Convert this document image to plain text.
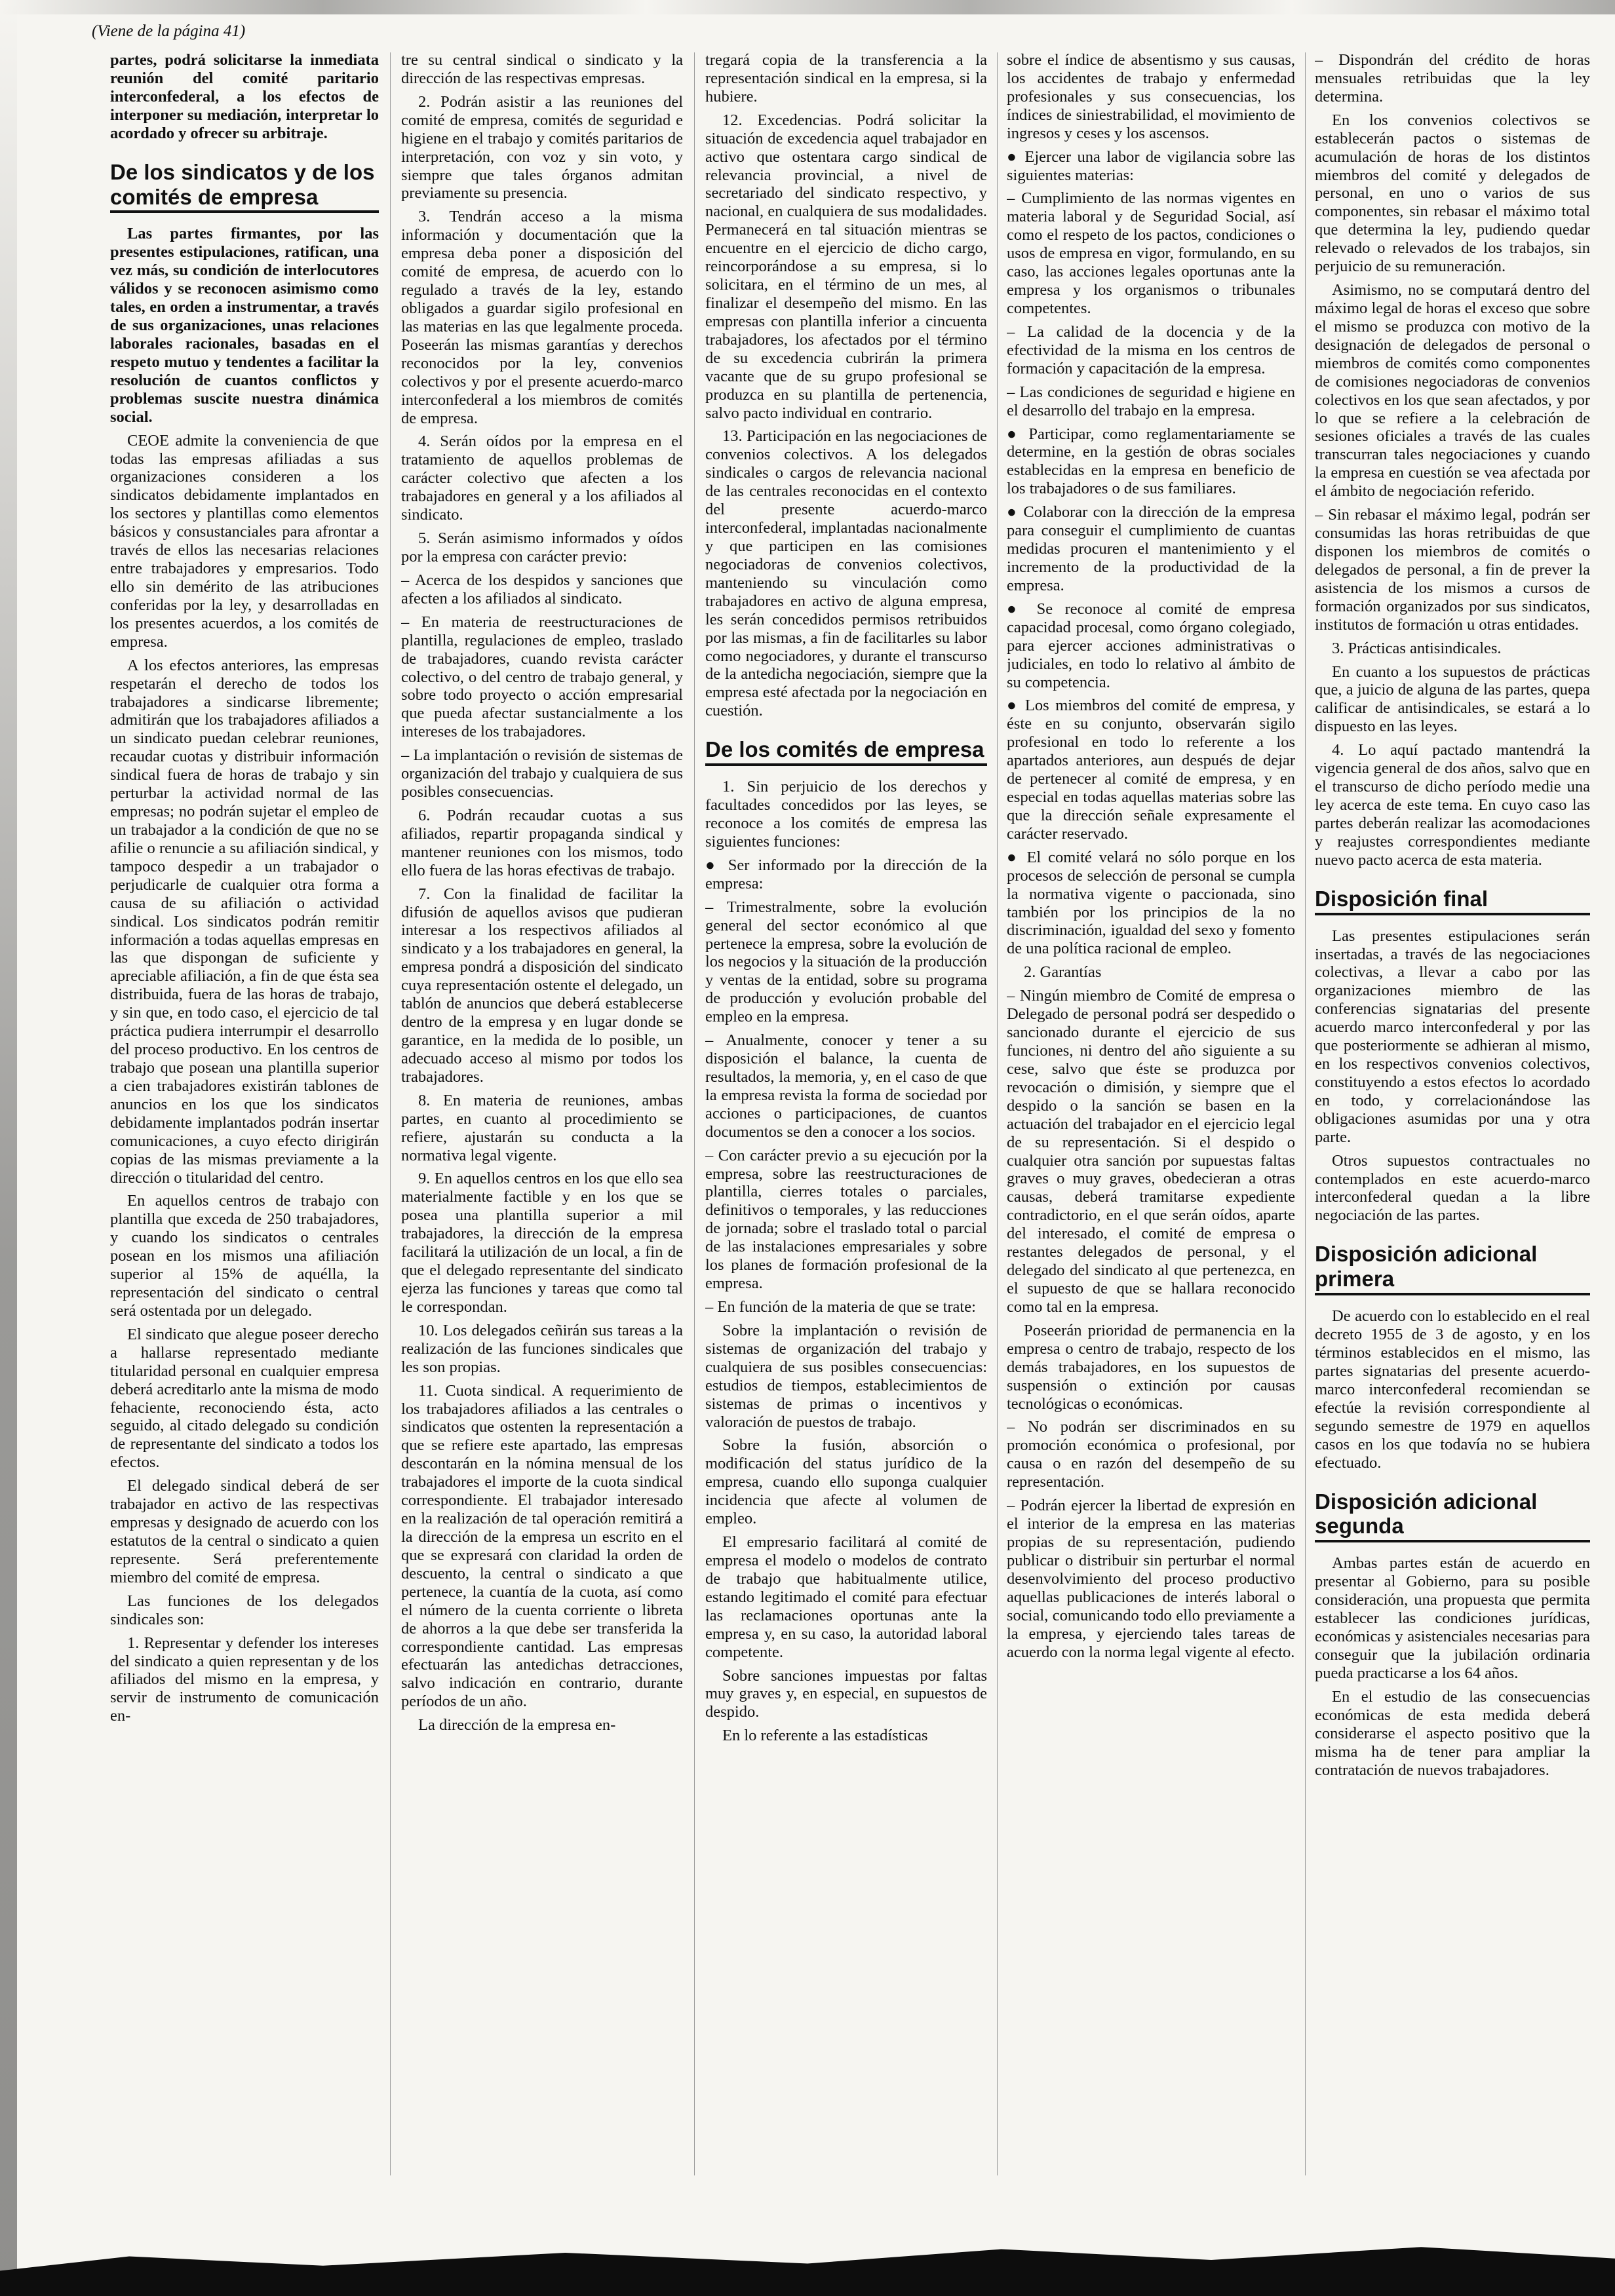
(Viene de la página 41)

partes, podrá solicitarse la inmediata reunión del comité paritario interconfederal, a los efectos de interponer su mediación, interpretar lo acordado y ofrecer su arbitraje.

De los sindicatos y de los comités de empresa

Las partes firmantes, por las presentes estipulaciones, ratifican, una vez más, su condición de interlocutores válidos y se reconocen asimismo como tales, en orden a instrumentar, a través de sus organizaciones, unas relaciones laborales racionales, basadas en el respeto mutuo y tendentes a facilitar la resolución de cuantos conflictos y problemas suscite nuestra dinámica social.

CEOE admite la conveniencia de que todas las empresas afiliadas a sus organizaciones consideren a los sindicatos debidamente implantados en los sectores y plantillas como elementos básicos y consustanciales para afrontar a través de ellos las necesarias relaciones entre trabajadores y empresarios. Todo ello sin demérito de las atribuciones conferidas por la ley, y desarrolladas en los presentes acuerdos, a los comités de empresa.

A los efectos anteriores, las empresas respetarán el derecho de todos los trabajadores a sindicarse libremente; admitirán que los trabajadores afiliados a un sindicato puedan celebrar reuniones, recaudar cuotas y distribuir información sindical fuera de horas de trabajo y sin perturbar la actividad normal de las empresas; no podrán sujetar el empleo de un trabajador a la condición de que no se afilie o renuncie a su afiliación sindical, y tampoco despedir a un trabajador o perjudicarle de cualquier otra forma a causa de su afiliación o actividad sindical. Los sindicatos podrán remitir información a todas aquellas empresas en las que dispongan de suficiente y apreciable afiliación, a fin de que ésta sea distribuida, fuera de las horas de trabajo, y sin que, en todo caso, el ejercicio de tal práctica pudiera interrumpir el desarrollo del proceso productivo. En los centros de trabajo que posean una plantilla superior a cien trabajadores existirán tablones de anuncios en los que los sindicatos debidamente implantados podrán insertar comunicaciones, a cuyo efecto dirigirán copias de las mismas previamente a la dirección o titularidad del centro.

En aquellos centros de trabajo con plantilla que exceda de 250 trabajadores, y cuando los sindicatos o centrales posean en los mismos una afiliación superior al 15% de aquélla, la representación del sindicato o central será ostentada por un delegado.

El sindicato que alegue poseer derecho a hallarse representado mediante titularidad personal en cualquier empresa deberá acreditarlo ante la misma de modo fehaciente, reconociendo ésta, acto seguido, al citado delegado su condición de representante del sindicato a todos los efectos.

El delegado sindical deberá de ser trabajador en activo de las respectivas empresas y designado de acuerdo con los estatutos de la central o sindicato a quien represente. Será preferentemente miembro del comité de empresa.

Las funciones de los delegados sindicales son:

1. Representar y defender los intereses del sindicato a quien representan y de los afiliados del mismo en la empresa, y servir de instrumento de comunicación en-

tre su central sindical o sindicato y la dirección de las respectivas empresas.

2. Podrán asistir a las reuniones del comité de empresa, comités de seguridad e higiene en el trabajo y comités paritarios de interpretación, con voz y sin voto, y siempre que tales órganos admitan previamente su presencia.

3. Tendrán acceso a la misma información y documentación que la empresa deba poner a disposición del comité de empresa, de acuerdo con lo regulado a través de la ley, estando obligados a guardar sigilo profesional en las materias en las que legalmente proceda. Poseerán las mismas garantías y derechos reconocidos por la ley, convenios colectivos y por el presente acuerdo-marco interconfederal a los miembros de comités de empresa.

4. Serán oídos por la empresa en el tratamiento de aquellos problemas de carácter colectivo que afecten a los trabajadores en general y a los afiliados al sindicato.

5. Serán asimismo informados y oídos por la empresa con carácter previo:

– Acerca de los despidos y sanciones que afecten a los afiliados al sindicato.

– En materia de reestructuraciones de plantilla, regulaciones de empleo, traslado de trabajadores, cuando revista carácter colectivo, o del centro de trabajo general, y sobre todo proyecto o acción empresarial que pueda afectar sustancialmente a los intereses de los trabajadores.

– La implantación o revisión de sistemas de organización del trabajo y cualquiera de sus posibles consecuencias.

6. Podrán recaudar cuotas a sus afiliados, repartir propaganda sindical y mantener reuniones con los mismos, todo ello fuera de las horas efectivas de trabajo.

7. Con la finalidad de facilitar la difusión de aquellos avisos que pudieran interesar a los respectivos afiliados al sindicato y a los trabajadores en general, la empresa pondrá a disposición del sindicato cuya representación ostente el delegado, un tablón de anuncios que deberá establecerse dentro de la empresa y en lugar donde se garantice, en la medida de lo posible, un adecuado acceso al mismo por todos los trabajadores.

8. En materia de reuniones, ambas partes, en cuanto al procedimiento se refiere, ajustarán su conducta a la normativa legal vigente.

9. En aquellos centros en los que ello sea materialmente factible y en los que se posea una plantilla superior a mil trabajadores, la dirección de la empresa facilitará la utilización de un local, a fin de que el delegado representante del sindicato ejerza las funciones y tareas que como tal le correspondan.

10. Los delegados ceñirán sus tareas a la realización de las funciones sindicales que les son propias.

11. Cuota sindical. A requerimiento de los trabajadores afiliados a las centrales o sindicatos que ostenten la representación a que se refiere este apartado, las empresas descontarán en la nómina mensual de los trabajadores el importe de la cuota sindical correspondiente. El trabajador interesado en la realización de tal operación remitirá a la dirección de la empresa un escrito en el que se expresará con claridad la orden de descuento, la central o sindicato a que pertenece, la cuantía de la cuota, así como el número de la cuenta corriente o libreta de ahorros a la que debe ser transferida la correspondiente cantidad. Las empresas efectuarán las antedichas detracciones, salvo indicación en contrario, durante períodos de un año.

La dirección de la empresa en-

tregará copia de la transferencia a la representación sindical en la empresa, si la hubiere.

12. Excedencias. Podrá solicitar la situación de excedencia aquel trabajador en activo que ostentara cargo sindical de relevancia provincial, a nivel de secretariado del sindicato respectivo, y nacional, en cualquiera de sus modalidades. Permanecerá en tal situación mientras se encuentre en el ejercicio de dicho cargo, reincorporándose a su empresa, si lo solicitara, en el término de un mes, al finalizar el desempeño del mismo. En las empresas con plantilla inferior a cincuenta trabajadores, los afectados por el término de su excedencia cubrirán la primera vacante que de su grupo profesional se produzca en su plantilla de pertenencia, salvo pacto individual en contrario.

13. Participación en las negociaciones de convenios colectivos. A los delegados sindicales o cargos de relevancia nacional de las centrales reconocidas en el contexto del presente acuerdo-marco interconfederal, implantadas nacionalmente y que participen en las comisiones negociadoras de convenios colectivos, manteniendo su vinculación como trabajadores en activo de alguna empresa, les serán concedidos permisos retribuidos por las mismas, a fin de facilitarles su labor como negociadores, y durante el transcurso de la antedicha negociación, siempre que la empresa esté afectada por la negociación en cuestión.

De los comités de empresa

1. Sin perjuicio de los derechos y facultades concedidos por las leyes, se reconoce a los comités de empresa las siguientes funciones:

● Ser informado por la dirección de la empresa:

– Trimestralmente, sobre la evolución general del sector económico al que pertenece la empresa, sobre la evolución de los negocios y la situación de la producción y ventas de la entidad, sobre su programa de producción y evolución probable del empleo en la empresa.

– Anualmente, conocer y tener a su disposición el balance, la cuenta de resultados, la memoria, y, en el caso de que la empresa revista la forma de sociedad por acciones o participaciones, de cuantos documentos se den a conocer a los socios.

– Con carácter previo a su ejecución por la empresa, sobre las reestructuraciones de plantilla, cierres totales o parciales, definitivos o temporales, y las reducciones de jornada; sobre el traslado total o parcial de las instalaciones empresariales y sobre los planes de formación profesional de la empresa.

– En función de la materia de que se trate:

Sobre la implantación o revisión de sistemas de organización del trabajo y cualquiera de sus posibles consecuencias: estudios de tiempos, establecimientos de sistemas de primas o incentivos y valoración de puestos de trabajo.

Sobre la fusión, absorción o modificación del status jurídico de la empresa, cuando ello suponga cualquier incidencia que afecte al volumen de empleo.

El empresario facilitará al comité de empresa el modelo o modelos de contrato de trabajo que habitualmente utilice, estando legitimado el comité para efectuar las reclamaciones oportunas ante la empresa y, en su caso, la autoridad laboral competente.

Sobre sanciones impuestas por faltas muy graves y, en especial, en supuestos de despido.

En lo referente a las estadísticas

sobre el índice de absentismo y sus causas, los accidentes de trabajo y enfermedad profesionales y sus consecuencias, los índices de siniestrabilidad, el movimiento de ingresos y ceses y los ascensos.

● Ejercer una labor de vigilancia sobre las siguientes materias:

– Cumplimiento de las normas vigentes en materia laboral y de Seguridad Social, así como el respeto de los pactos, condiciones o usos de empresa en vigor, formulando, en su caso, las acciones legales oportunas ante la empresa y los organismos o tribunales competentes.

– La calidad de la docencia y de la efectividad de la misma en los centros de formación y capacitación de la empresa.

– Las condiciones de seguridad e higiene en el desarrollo del trabajo en la empresa.

● Participar, como reglamentariamente se determine, en la gestión de obras sociales establecidas en la empresa en beneficio de los trabajadores o de sus familiares.

● Colaborar con la dirección de la empresa para conseguir el cumplimiento de cuantas medidas procuren el mantenimiento y el incremento de la productividad de la empresa.

● Se reconoce al comité de empresa capacidad procesal, como órgano colegiado, para ejercer acciones administrativas o judiciales, en todo lo relativo al ámbito de su competencia.

● Los miembros del comité de empresa, y éste en su conjunto, observarán sigilo profesional en todo lo referente a los apartados anteriores, aun después de dejar de pertenecer al comité de empresa, y en especial en todas aquellas materias sobre las que la dirección señale expresamente el carácter reservado.

● El comité velará no sólo porque en los procesos de selección de personal se cumpla la normativa vigente o paccionada, sino también por los principios de la no discriminación, igualdad del sexo y fomento de una política racional de empleo.

2. Garantías

– Ningún miembro de Comité de empresa o Delegado de personal podrá ser despedido o sancionado durante el ejercicio de sus funciones, ni dentro del año siguiente a su cese, salvo que éste se produzca por revocación o dimisión, y siempre que el despido o la sanción se basen en la actuación del trabajador en el ejercicio legal de su representación. Si el despido o cualquier otra sanción por supuestas faltas graves o muy graves, obedecieran a otras causas, deberá tramitarse expediente contradictorio, en el que serán oídos, aparte del interesado, el comité de empresa o restantes delegados de personal, y el delegado del sindicato al que pertenezca, en el supuesto de que se hallara reconocido como tal en la empresa.

Poseerán prioridad de permanencia en la empresa o centro de trabajo, respecto de los demás trabajadores, en los supuestos de suspensión o extinción por causas tecnológicas o económicas.

– No podrán ser discriminados en su promoción económica o profesional, por causa o en razón del desempeño de su representación.

– Podrán ejercer la libertad de expresión en el interior de la empresa en las materias propias de su representación, pudiendo publicar o distribuir sin perturbar el normal desenvolvimiento del proceso productivo aquellas publicaciones de interés laboral o social, comunicando todo ello previamente a la empresa, y ejerciendo tales tareas de acuerdo con la norma legal vigente al efecto.

– Dispondrán del crédito de horas mensuales retribuidas que la ley determina.

En los convenios colectivos se establecerán pactos o sistemas de acumulación de horas de los distintos miembros del comité y delegados de personal, en uno o varios de sus componentes, sin rebasar el máximo total que determina la ley, pudiendo quedar relevado o relevados de los trabajos, sin perjuicio de su remuneración.

Asimismo, no se computará dentro del máximo legal de horas el exceso que sobre el mismo se produzca con motivo de la designación de delegados de personal o miembros de comités como componentes de comisiones negociadoras de convenios colectivos en los que sean afectados, y por lo que se refiere a la celebración de sesiones oficiales a través de las cuales transcurran tales negociaciones y cuando la empresa en cuestión se vea afectada por el ámbito de negociación referido.

– Sin rebasar el máximo legal, podrán ser consumidas las horas retribuidas de que disponen los miembros de comités o delegados de personal, a fin de prever la asistencia de los mismos a cursos de formación organizados por sus sindicatos, institutos de formación u otras entidades.

3. Prácticas antisindicales.

En cuanto a los supuestos de prácticas que, a juicio de alguna de las partes, quepa calificar de antisindicales, se estará a lo dispuesto en las leyes.

4. Lo aquí pactado mantendrá la vigencia general de dos años, salvo que en el transcurso de dicho período medie una ley acerca de este tema. En cuyo caso las partes deberán realizar las acomodaciones y reajustes correspondientes mediante nuevo pacto acerca de esta materia.

Disposición final

Las presentes estipulaciones serán insertadas, a través de las negociaciones colectivas, a llevar a cabo por las organizaciones miembro de las conferencias signatarias del presente acuerdo marco interconfederal y por las que posteriormente se adhieran al mismo, en los respectivos convenios colectivos, constituyendo a estos efectos lo acordado en todo, y correlacionándose las obligaciones asumidas por una y otra parte.

Otros supuestos contractuales no contemplados en este acuerdo-marco interconfederal quedan a la libre negociación de las partes.

Disposición adicional primera

De acuerdo con lo establecido en el real decreto 1955 de 3 de agosto, y en los términos establecidos en el mismo, las partes signatarias del presente acuerdo-marco interconfederal recomiendan se efectúe la revisión correspondiente al segundo semestre de 1979 en aquellos casos en los que todavía no se hubiera efectuado.

Disposición adicional segunda

Ambas partes están de acuerdo en presentar al Gobierno, para su posible consideración, una propuesta que permita establecer las condiciones jurídicas, económicas y asistenciales necesarias para conseguir que la jubilación ordinaria pueda practicarse a los 64 años.

En el estudio de las consecuencias económicas de esta medida deberá considerarse el aspecto positivo que la misma ha de tener para ampliar la contratación de nuevos trabajadores.
